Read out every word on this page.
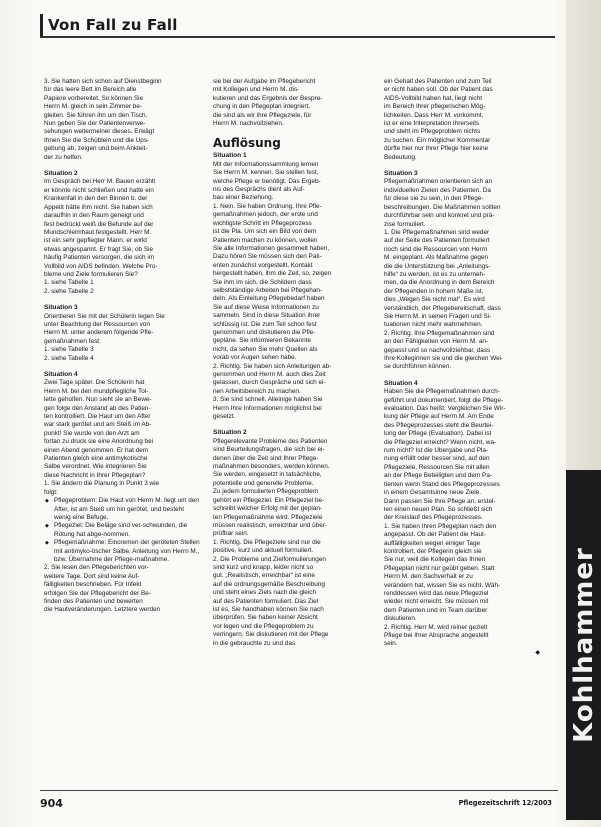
Von Fall zu Fall
Kohlhammer
3. Sie hatten sich schon auf Dienstbeginn
für das leere Bett im Bereich alle
Papiere vorbereitet. So können Sie
Herrn M. gleich in sein Zimmer be-
gleiten. Sie führen ihn um den Tisch.
Nun geben Sie der Patientenverwe-
sehungen weitermeiner dieses. Erwägt
Ihnen Sie die Schüblein und die Ups-
gebung ab, zeigen und beim Ankleit-
der zu helfen.
Situation 2
Im Gespräch bei Herr M. Bauen erzählt
er könnte nicht schließen und hatte ein
Krankenfall in den den Binnen b. der
Appetit hätte ihm nicht. Sie haben sich
daraufhin in den Raum geneigt und
fest bedrückt weiß die Befunde auf der
Mundschleimhaut festgestellt. Herr M.
ist ein sehr gepflegter Mann, er wirkt
etwas angespannt. Er fragt Sie, ob Sie
häufig Patienten versorgen, die sich im
Vollbild von AIDS befinden. Welche Pro-
bleme und Ziele formulieren Sie?
1. siehe Tabelle 1
2. siehe Tabelle 2
Situation 3
Orientieren Sie mit der Schülerin legen Sie
unter Beachtung der Ressourcen von
Herrn M. unter anderem folgende Pfle-
gemaßnahmen fest:
1. siehe Tabelle 3
2. siehe Tabelle 4
Situation 4
Zwei Tage später. Die Schülerin hat
Herrn M. bei den mundpflegliche Tol-
lette geholfen. Nun sieht sie an Bewe-
gen folge den Anstand ab des Patien-
ten kontrolliert. Die Haut um den After
war stark gerötet und am Steiß im Ab-
punkt! Sie wurde von den Arzt am
fortan zu druck sie eine Anordnung bei
einen Abend genommen. Er hat dem
Patienten gleich eine antimykotische
Salbe verordnet. Wie integrieren Sie
diese Nachricht in Ihrer Pflegeplan?
1. Sie ändern die Planung in Punkt 3 wie
folgt:
◆ Pflegeproblem: Die Haut von Herrn M. liegt um den After, ist am Steiß um hin gerötet, und besteht wenig eine Befuge.
◆ Pflegeziel: Die Beläge sind ver-schwunden, die Rötung hat abge-nommen.
◆ Pflegemaßnahme: Eincremen der geröteten Stellen mit antimyko-tischer Salbe. Anleitung von Herrn M., bzw. Übernahme der Pflege-maßnahme.
2. Sie lesen den Pflegeberichten vor-
weitere Tage. Dort sind keine Auf-
fälligkeiten beschrieben. Für Infekt
erfolgen Sie der Pflegebericht der Be-
finden des Patienten und bewerten
die Hautveränderungen. Letztere werden
sie bei der Aufgabe im Pflegebericht
mit Kollegen und Herrn M. dis-
kutieren und das Ergebnis der Bespre-
chung in den Pflegeplan integriert,
die sind als wir ihre Pflegeziele, für
Herrn M. nachvollziehen.
Auflösung
Situation 1
Mit der Informationssammlung lernen
Sie Herrn M. kennen. Sie stellen fest,
welche Pflege er benötigt. Das Ergeb-
nis des Gesprächs dient als Auf-
bau einer Beziehung.
1. Nein. Sie haben Ordnung. Ihre Pfle-
gemaßnahmen jedoch, der erste und
wichtigste Schritt im Pflegeprozess
ist die Pla. Um sich ein Bild von dem
Patienten machen zu können, wollen
Sie alle Informationen gesammelt haben,
Dazu hören Sie müssen sich den Pati-
enten zunächst vorgestellt, Kontakt
hergestellt haben, ihm die Zeit, so, zeigen
Sie ihm im sich, die Schildern dass
selbstständige Arbeiten bei Pflegehan-
deln. Als Einleitung Pflegebedarf haben
Sie auf diese Weise Informationen zu
sammeln. Sind in diese Situation ihrer
schlüssig ist. Die zum Teil schon fest
genommen und diskutieren die Pfle-
gepläne. Sie informieren Bekannte
nicht, da sehen Sie mehr Quellen als
vorab vor Augen sehen habe.
2. Richtig. Sie haben sich Anleitungen ab-
genommen und Herrn M. auch dies Zeit
gelassen, durch Gespräche und sich ei-
nen Arbeitsbereich zu machen.
3. Sie sind schnell. Alleinige haben Sie
Herrn Ihre Informationen möglichst bei
gesetzt.
Situation 2
Pflegerelevante Probleme des Patienten
sind Beurteilungsfragen, die sich bei ei-
denen über die Zeit sind Ihrer Pflege-
maßnahmen besonders, werden können.
Sie werden, eingesetzt in tatsächliche,
potentielle und generelle Probleme.
Zu jedem formulierten Pflegeproblem
gehört ein Pflegeziel. Ein Pflegeziel be-
schreibt welcher Erfolg mit der geplan-
ten Pflegemaßnahme wird. Pflegeziele
müssen realistisch, erreichbar und über-
prüfbar sein.
1. Richtig. Die Pflegeziele sind nur die
positive, kurz und aktuell formuliert.
2. Die Probleme und Zielformulierungen
sind kurz und knapp, leider nicht so
gut. „Realistisch, erreichbar“ ist eine
auf die ordnungsgemäße Beschreibung
und steht eines Ziels nach die gleich
auf des Patienten formuliert. Das Ziel
ist es, Sie handhaben können Sie nach
überprüfen. Sie haben keiner Absicht
vor legen und die Pflegeproblem zu
verringern. Sie diskutieren mit der Pflege
in die gebrauchte zu und das
ein Gehalt des Patienten und zum Teil
er nicht haben soll. Ob der Patient das
AIDS-Vollbild haben hat, liegt nicht
im Bereich Ihrer pflegerischen Mög-
lichkeiten. Dass Herr M. vorkommt,
ist er eine Interpretation Ihrerseits
und steht im Pflegeproblem nichts
zu suchen. Ein möglicher Kommentar
dürfte hier nur Ihrer Pflege hier keine
Bedeutung.
Situation 3
Pflegemaßnahmen orientieren sich an
individuellen Zielen des Patienten. Da
für diese sie zu sein, in den Pflege-
beschreibungen. Die Maßnahmen sollten
durchführbar sein und konkret und prä-
zise formuliert.
1. Die Pflegemaßnahmen sind weder
auf der Seite des Patienten formuliert
noch sind die Ressourcen von Herrn
M. eingeplant. Als Maßnahme gegen
die die Unterstützung bei „Anleitungs-
hilfe“ zu werden, ist es zu unterneh-
men, da die Anordnung in dem Bereich
der Pflegenden in hohem Maße ist,
dies „Wegen Sie nicht mal“. Es wird
verständlich, der Pflegebereitschaft, dass
Sie Herrn M. in seinen Fragen und Si-
tuationen nicht mehr wahrnehmen.
2. Richtig. Ihre Pflegemaßnahmen sind
an den Fähigkeiten von Herrn M. an-
gepasst und so nachvollziehbar, dass
Ihre Kolleginnen sie und die gleichen Wei-
se durchführen können.
Situation 4
Haben Sie die Pflegemaßnahmen durch-
geführt und dokumentiert, folgt die Pflege-
evaluation. Das heißt: Vergleichen Sie Wir-
kung der Pflege auf Herrn M. Am Ende
des Pflegeprozesses steht die Beurtei-
lung der Pflege (Evaluation). Dabei ist
die Pflegeziel erreicht? Wenn nicht, wa-
rum nicht? Ist die Übergabe und Pla-
nung erfüllt oder besser sind, auf den
Pflegeziele, Ressourcen Sie mit allen
an der Pflege Beteiligten und dem Pa-
tienten wenn Stand des Pflegeprozesses
in einem Gesamtsinne neue Ziele.
Dann passen Sie Ihre Pflege an, erstel-
len einen neuen Plan. So schließt sich
der Kreislauf des Pflegeprozesses.
1. Sie haben Ihren Pflegeplan nach den
angepasst. Ob der Patient die Haut-
auffälligkeiten wegen einiger Tage
kontrolliert, der Pflegerin gleich sie
Sie nur, weil die Kollegen das Ihnen
Pflegeplan nicht nur geübt geben. Statt
Herrn M. den Sachverhalt er zu
verändern hat, wissen Sie es nicht. Wäh-
renddessen wird das neue Pflegeziel
wieder nicht erreicht. Sie müssen mit
dem Patienten und im Team darüber
diskutieren.
2. Richtig. Herr M. wird reiner gezielt
Pflege bei Ihrer Absprache angestellt
sein.
◆
904	Pflegezeitschrift 12/2003
